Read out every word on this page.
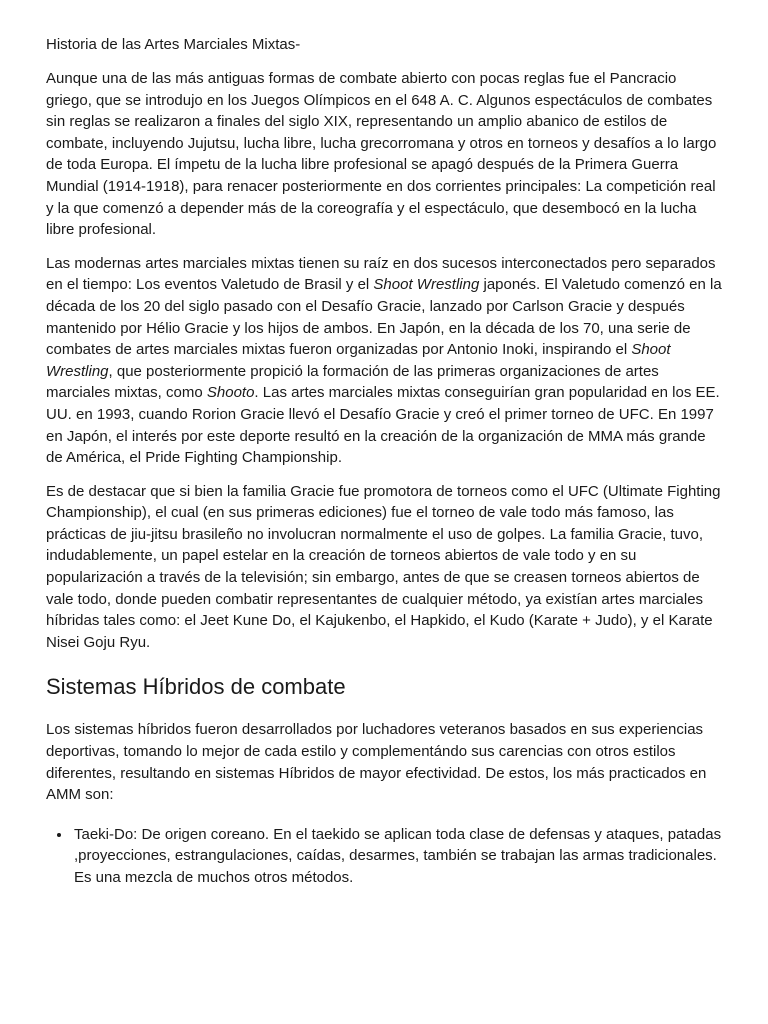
Historia de las Artes Marciales Mixtas-

Aunque una de las más antiguas formas de combate abierto con pocas reglas fue el Pancracio griego, que se introdujo en los Juegos Olímpicos en el 648 A. C. Algunos espectáculos de combates sin reglas se realizaron a finales del siglo XIX, representando un amplio abanico de estilos de combate, incluyendo Jujutsu, lucha libre, lucha grecorromana y otros en torneos y desafíos a lo largo de toda Europa. El ímpetu de la lucha libre profesional se apagó después de la Primera Guerra Mundial (1914-1918), para renacer posteriormente en dos corrientes principales: La competición real y la que comenzó a depender más de la coreografía y el espectáculo, que desembocó en la lucha libre profesional.

Las modernas artes marciales mixtas tienen su raíz en dos sucesos interconectados pero separados en el tiempo: Los eventos Valetudo de Brasil y el Shoot Wrestling japonés. El Valetudo comenzó en la década de los 20 del siglo pasado con el Desafío Gracie, lanzado por Carlson Gracie y después mantenido por Hélio Gracie y los hijos de ambos. En Japón, en la década de los 70, una serie de combates de artes marciales mixtas fueron organizadas por Antonio Inoki, inspirando el Shoot Wrestling, que posteriormente propició la formación de las primeras organizaciones de artes marciales mixtas, como Shooto. Las artes marciales mixtas conseguirían gran popularidad en los EE. UU. en 1993, cuando Rorion Gracie llevó el Desafío Gracie y creó el primer torneo de UFC. En 1997 en Japón, el interés por este deporte resultó en la creación de la organización de MMA más grande de América, el Pride Fighting Championship.

Es de destacar que si bien la familia Gracie fue promotora de torneos como el UFC (Ultimate Fighting Championship), el cual (en sus primeras ediciones) fue el torneo de vale todo más famoso, las prácticas de jiu-jitsu brasileño no involucran normalmente el uso de golpes. La familia Gracie, tuvo, indudablemente, un papel estelar en la creación de torneos abiertos de vale todo y en su popularización a través de la televisión; sin embargo, antes de que se creasen torneos abiertos de vale todo, donde pueden combatir representantes de cualquier método, ya existían artes marciales híbridas tales como: el Jeet Kune Do, el Kajukenbo, el Hapkido, el Kudo (Karate + Judo), y el Karate Nisei Goju Ryu.

Sistemas Híbridos de combate

Los sistemas híbridos fueron desarrollados por luchadores veteranos basados en sus experiencias deportivas, tomando lo mejor de cada estilo y complementándo sus carencias con otros estilos diferentes, resultando en sistemas Híbridos de mayor efectividad. De estos, los más practicados en AMM son:

• Taeki-Do: De origen coreano. En el taekido se aplican toda clase de defensas y ataques, patadas ,proyecciones, estrangulaciones, caídas, desarmes, también se trabajan las armas tradicionales. Es una mezcla de muchos otros métodos.
